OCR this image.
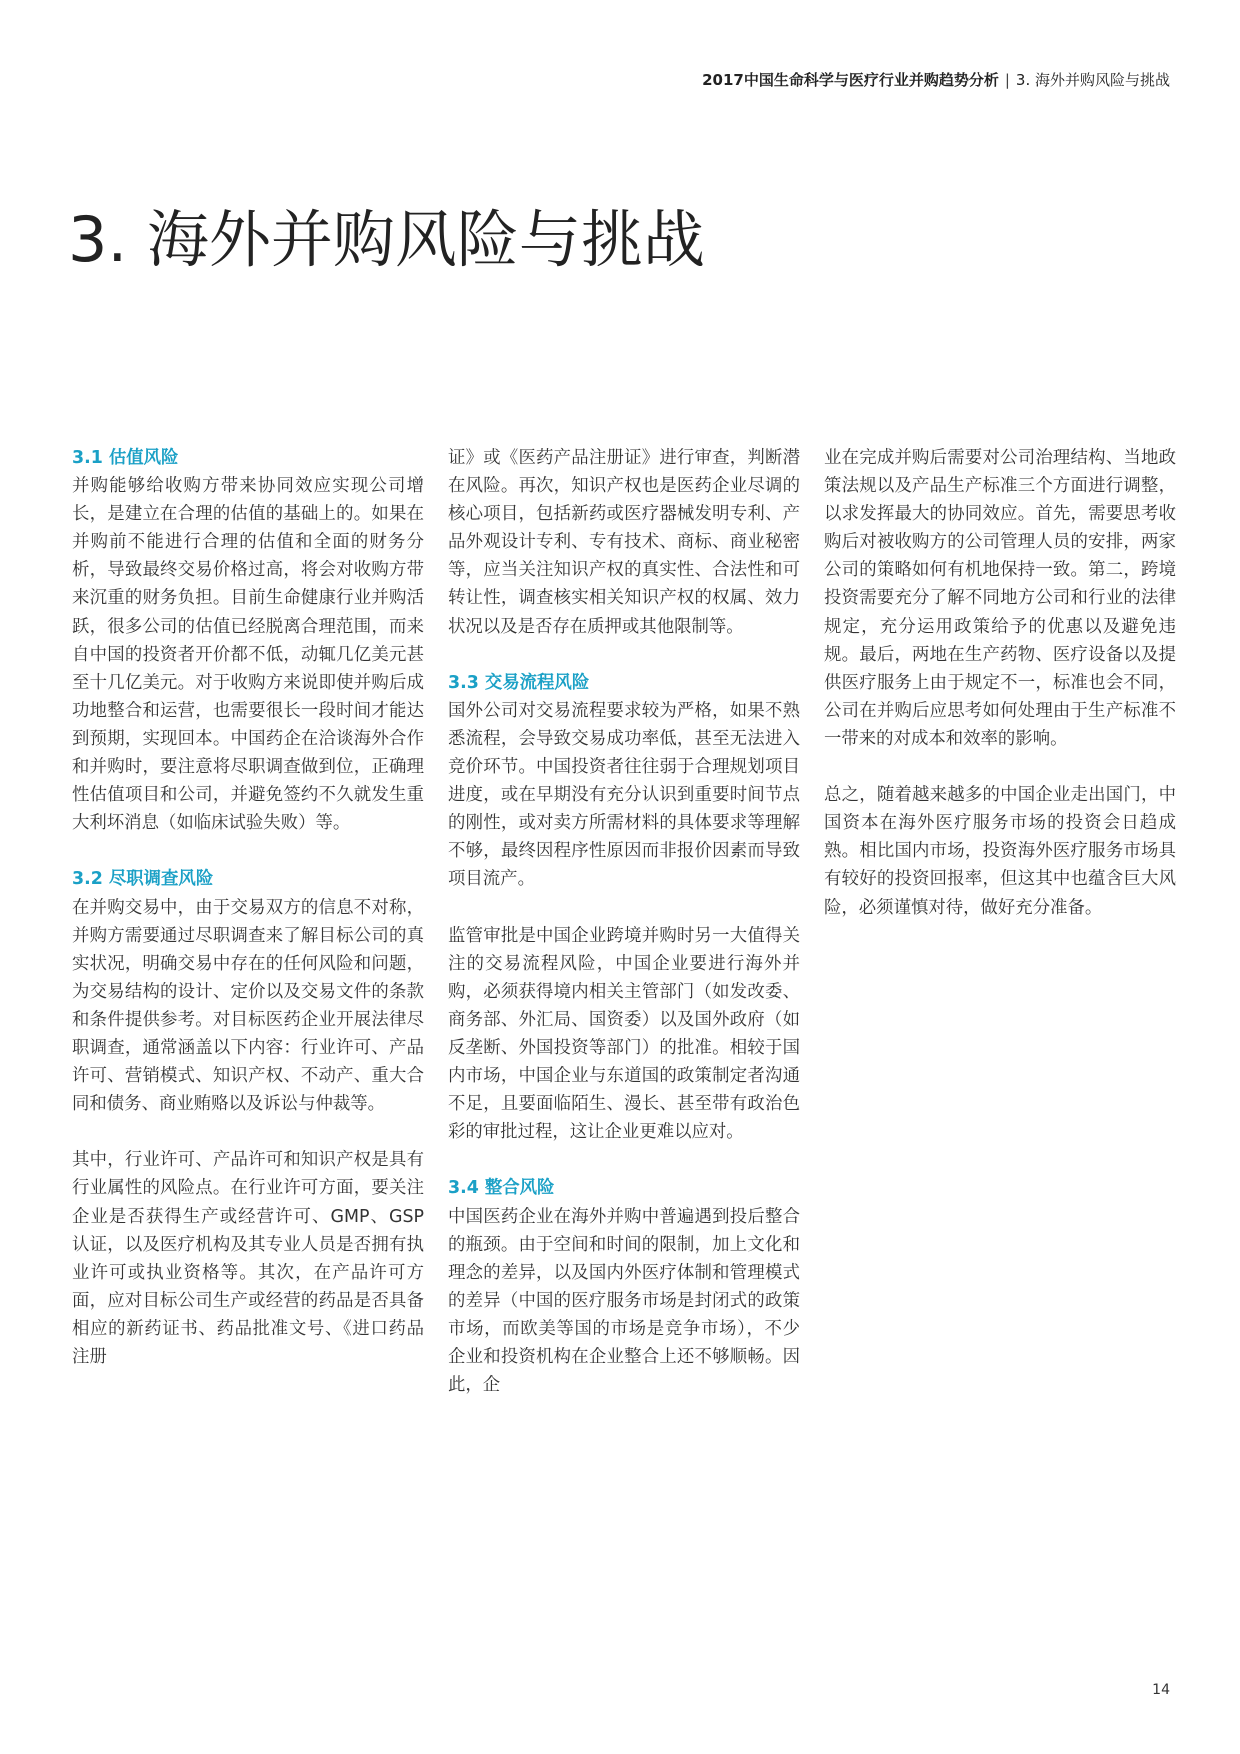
2017中国生命科学与医疗行业并购趋势分析 | 3. 海外并购风险与挑战
3. 海外并购风险与挑战
3.1 估值风险

并购能够给收购方带来协同效应实现公司增长，是建立在合理的估值的基础上的。如果在并购前不能进行合理的估值和全面的财务分析，导致最终交易价格过高，将会对收购方带来沉重的财务负担。目前生命健康行业并购活跃，很多公司的估值已经脱离合理范围，而来自中国的投资者开价都不低，动辄几亿美元甚至十几亿美元。对于收购方来说即使并购后成功地整合和运营，也需要很长一段时间才能达到预期，实现回本。中国药企在洽谈海外合作和并购时，要注意将尽职调查做到位，正确理性估值项目和公司，并避免签约不久就发生重大利坏消息（如临床试验失败）等。

3.2 尽职调查风险

在并购交易中，由于交易双方的信息不对称，并购方需要通过尽职调查来了解目标公司的真实状况，明确交易中存在的任何风险和问题，为交易结构的设计、定价以及交易文件的条款和条件提供参考。对目标医药企业开展法律尽职调查，通常涵盖以下内容：行业许可、产品许可、营销模式、知识产权、不动产、重大合同和债务、商业贿赂以及诉讼与仲裁等。

其中，行业许可、产品许可和知识产权是具有行业属性的风险点。在行业许可方面，要关注企业是否获得生产或经营许可、GMP、GSP认证，以及医疗机构及其专业人员是否拥有执业许可或执业资格等。其次，在产品许可方面，应对目标公司生产或经营的药品是否具备相应的新药证书、药品批准文号、《进口药品注册

证》或《医药产品注册证》进行审查，判断潜在风险。再次，知识产权也是医药企业尽调的核心项目，包括新药或医疗器械发明专利、产品外观设计专利、专有技术、商标、商业秘密等，应当关注知识产权的真实性、合法性和可转让性，调查核实相关知识产权的权属、效力状况以及是否存在质押或其他限制等。

3.3 交易流程风险

国外公司对交易流程要求较为严格，如果不熟悉流程，会导致交易成功率低，甚至无法进入竞价环节。中国投资者往往弱于合理规划项目进度，或在早期没有充分认识到重要时间节点的刚性，或对卖方所需材料的具体要求等理解不够，最终因程序性原因而非报价因素而导致项目流产。

监管审批是中国企业跨境并购时另一大值得关注的交易流程风险，中国企业要进行海外并购，必须获得境内相关主管部门（如发改委、商务部、外汇局、国资委）以及国外政府（如反垄断、外国投资等部门）的批准。相较于国内市场，中国企业与东道国的政策制定者沟通不足，且要面临陌生、漫长、甚至带有政治色彩的审批过程，这让企业更难以应对。

3.4 整合风险

中国医药企业在海外并购中普遍遇到投后整合的瓶颈。由于空间和时间的限制，加上文化和理念的差异，以及国内外医疗体制和管理模式的差异（中国的医疗服务市场是封闭式的政策市场，而欧美等国的市场是竞争市场），不少企业和投资机构在企业整合上还不够顺畅。因此，企

业在完成并购后需要对公司治理结构、当地政策法规以及产品生产标准三个方面进行调整，以求发挥最大的协同效应。首先，需要思考收购后对被收购方的公司管理人员的安排，两家公司的策略如何有机地保持一致。第二，跨境投资需要充分了解不同地方公司和行业的法律规定，充分运用政策给予的优惠以及避免违规。最后，两地在生产药物、医疗设备以及提供医疗服务上由于规定不一，标准也会不同，公司在并购后应思考如何处理由于生产标准不一带来的对成本和效率的影响。

总之，随着越来越多的中国企业走出国门，中国资本在海外医疗服务市场的投资会日趋成熟。相比国内市场，投资海外医疗服务市场具有较好的投资回报率，但这其中也蕴含巨大风险，必须谨慎对待，做好充分准备。

14
